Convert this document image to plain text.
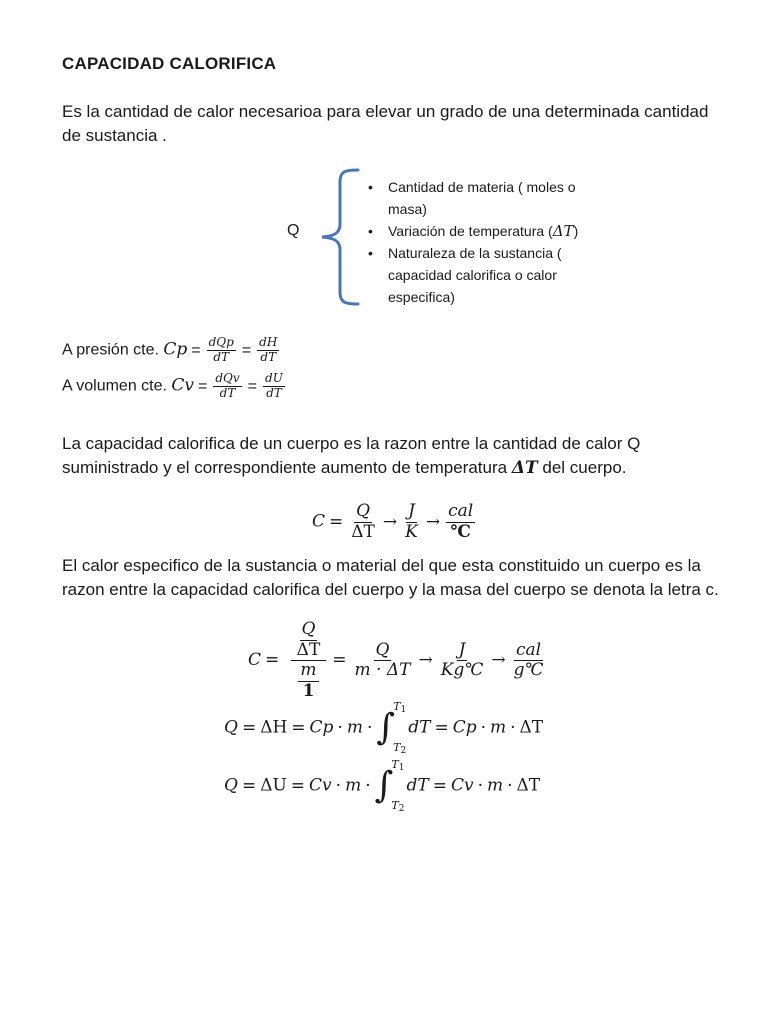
CAPACIDAD CALORIFICA
Es la cantidad de calor necesarioa para elevar un grado de una determinada cantidad de sustancia .
Q
• Cantidad de materia ( moles o masa)
• Variación de temperatura (ΔT)
• Naturaleza de la sustancia ( capacidad calorifica o calor especifica)
A presión cte. $Cp = \frac{\text{dQp}}{dT} = \frac{dH}{dT}$
A volumen cte. $Cv = \frac{\text{dQv}}{dT} = \frac{dU}{dT}$
La capacidad calorifica de un cuerpo es la razon entre la cantidad de calor Q suministrado y el correspondiente aumento de temperatura ΔT del cuerpo.
$C = \frac{Q}{\Delta T} \to \frac{J}{K} \to \frac{\text{cal}}{℃}$
El calor especifico de la sustancia o material del que esta constituido un cuerpo es la razon entre la capacidad calorifica del cuerpo y la masa del cuerpo se denota la letra c.
$C = \frac{\frac{Q}{\Delta T}}{\frac{m}{1}} = \frac{Q}{m \cdot \Delta T} \to \frac{J}{Kg℃} \to \frac{\text{cal}}{g℃}$
Q = ΔH = Cp · m · ∫
$T_1$
$T_2$
dT = Cp · m · ΔT
Q = ΔU = Cv · m · ∫
$T_1$
$T_2$
dT = Cv · m · ΔT
